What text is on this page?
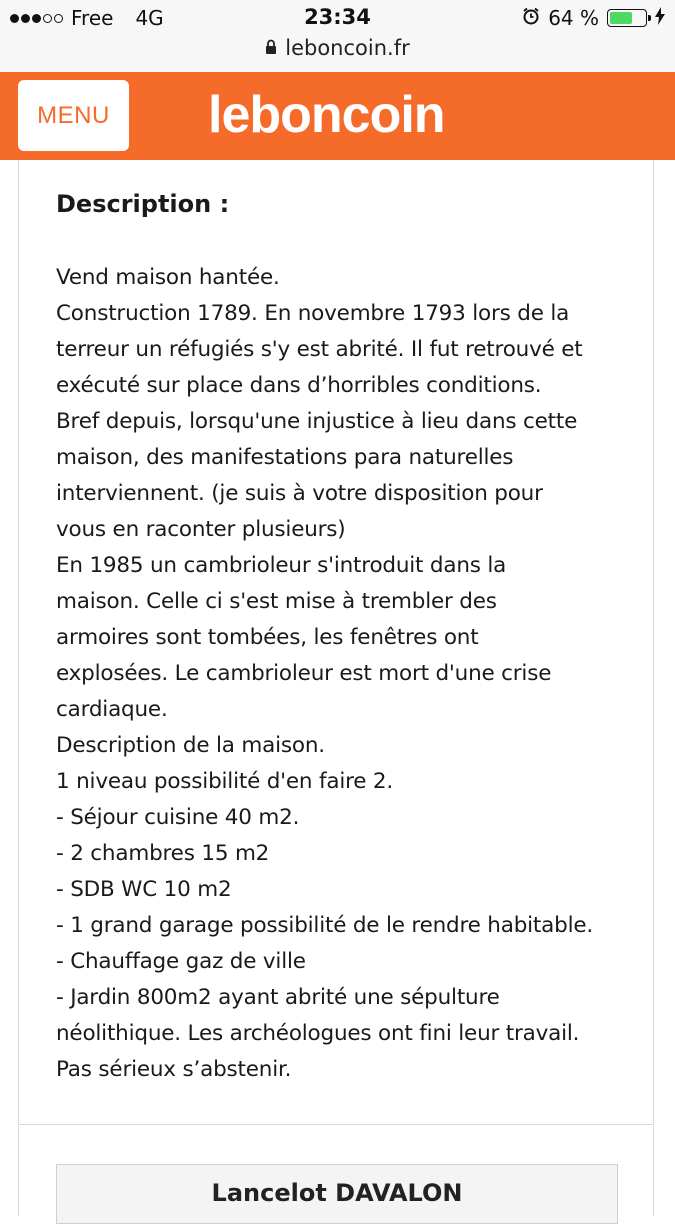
Free 4G	23:34	64 %
leboncoin.fr
MENU	leboncoin
Description :
Vend maison hantée.
Construction 1789. En novembre 1793 lors de la
terreur un réfugiés s'y est abrité. Il fut retrouvé et
exécuté sur place dans d’horribles conditions.
Bref depuis, lorsqu'une injustice à lieu dans cette
maison, des manifestations para naturelles
interviennent. (je suis à votre disposition pour
vous en raconter plusieurs)
En 1985 un cambrioleur s'introduit dans la
maison. Celle ci s'est mise à trembler des
armoires sont tombées, les fenêtres ont
explosées. Le cambrioleur est mort d'une crise
cardiaque.
Description de la maison.
1 niveau possibilité d'en faire 2.
- Séjour cuisine 40 m2.
- 2 chambres 15 m2
- SDB WC 10 m2
- 1 grand garage possibilité de le rendre habitable.
- Chauffage gaz de ville
- Jardin 800m2 ayant abrité une sépulture
néolithique. Les archéologues ont fini leur travail.
Pas sérieux s’abstenir.
Lancelot DAVALON
